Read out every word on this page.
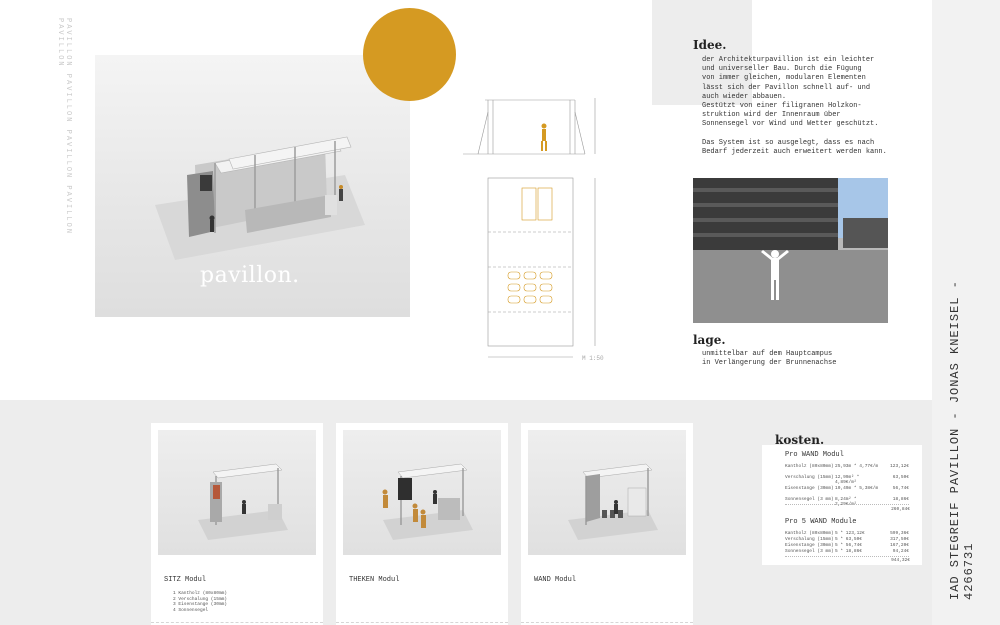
PAVILLON PAVILLON PAVILLON PAVILLON PAVILLON
pavillon.
M 1:50
Idee.
der Architekturpavillion ist ein leichter
und universeller Bau. Durch die Fügung
von immer gleichen, modularen Elementen
lässt sich der Pavillon schnell auf- und
auch wieder abbauen.
Gestützt von einer filigranen Holzkon-
struktion wird der Innenraum über
Sonnensegel vor Wind und Wetter geschützt.

Das System ist so ausgelegt, dass es nach
Bedarf jederzeit auch erweitert werden kann.
lage.
unmittelbar auf dem Hauptcampus
in Verlängerung der Brunnenachse
SITZ Modul
1 Kantholz (80x80mm)
2 Verschalung (15mm)
3 Eisenstange (30mm)
4 Sonnensegel
THEKEN Modul	WAND Modul
kosten.
Pro WAND Modul
Kantholz (80x80mm) 25,93m * 4,77€/m	123,12€
Verschalung (15mm) 12,99m² * 4,89€/m²
63,50€
Eisenstange (30mm) 10,49m * 5,38€/m	56,74€
Sonnensegel (3 mm) 8,24m² * 2,29€/m²
18,86€
260,84€
Pro 5 WAND Module
Kantholz (80x80mm) 5 * 123,12€	599,36€
Verschalung (15mm) 5 * 63,50€	317,50€
Eisenstange (30mm) 5 * 56,74€	167,20€
Sonnensegel (3 mm) 5 * 18,86€	94,24€
944,32€	IAD STEGREIF PAVILLON - JONAS KNEISEL - 4266731
